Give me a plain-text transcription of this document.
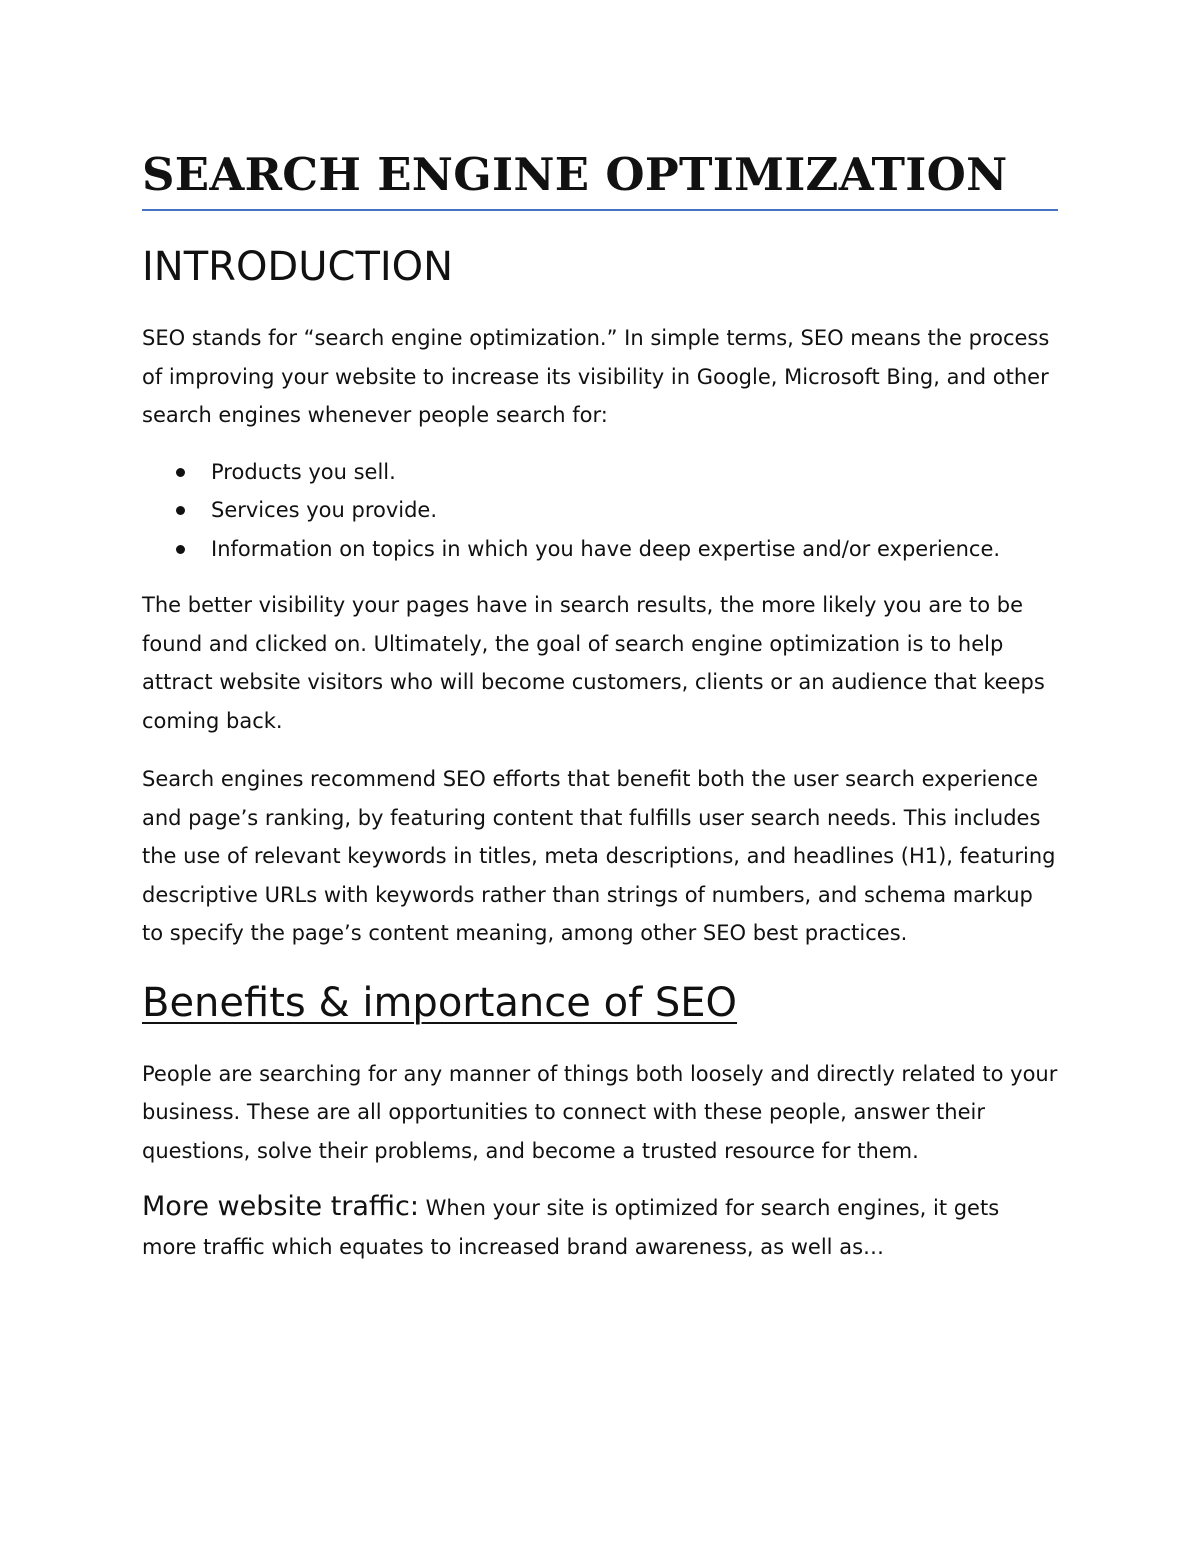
SEARCH ENGINE OPTIMIZATION
INTRODUCTION

SEO stands for “search engine optimization.” In simple terms, SEO means the process of improving your website to increase its visibility in Google, Microsoft Bing, and other search engines whenever people search for:

Products you sell.
Services you provide.
Information on topics in which you have deep expertise and/or experience.

The better visibility your pages have in search results, the more likely you are to be found and clicked on. Ultimately, the goal of search engine optimization is to help attract website visitors who will become customers, clients or an audience that keeps coming back.

Search engines recommend SEO efforts that benefit both the user search experience and page’s ranking, by featuring content that fulfills user search needs. This includes the use of relevant keywords in titles, meta descriptions, and headlines (H1), featuring descriptive URLs with keywords rather than strings of numbers, and schema markup to specify the page’s content meaning, among other SEO best practices.

Benefits & importance of SEO

People are searching for any manner of things both loosely and directly related to your business. These are all opportunities to connect with these people, answer their questions, solve their problems, and become a trusted resource for them.

More website traffic: When your site is optimized for search engines, it gets more traffic which equates to increased brand awareness, as well as…
